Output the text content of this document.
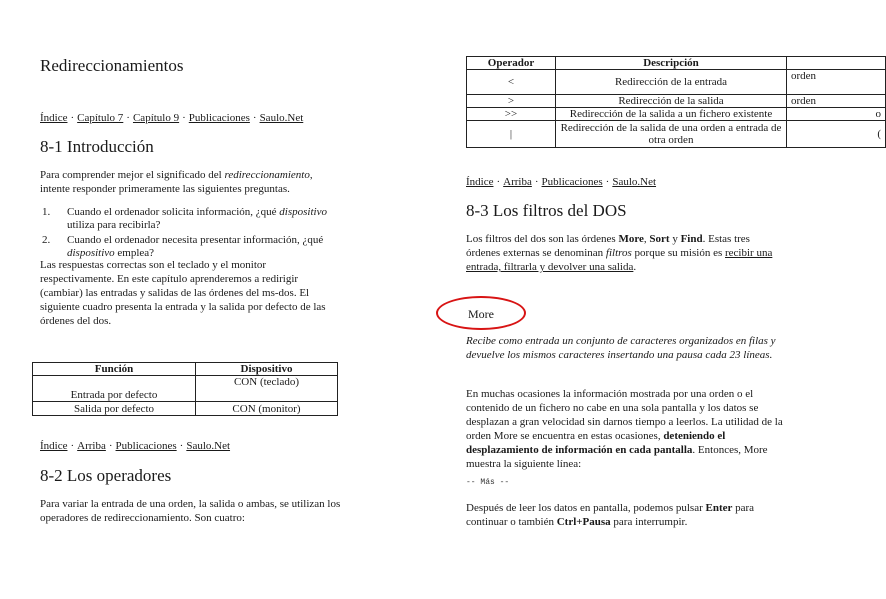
Redireccionamientos
Índice · Capítulo 7 · Capítulo 9 · Publicaciones · Saulo.Net
8-1 Introducción
Para comprender mejor el significado del redireccionamiento, intente responder primeramente las siguientes preguntas.
1. Cuando el ordenador solicita información, ¿qué dispositivo utiliza para recibirla?
2. Cuando el ordenador necesita presentar información, ¿qué dispositivo emplea?
Las respuestas correctas son el teclado y el monitor respectivamente. En este capítulo aprenderemos a redirigir (cambiar) las entradas y salidas de las órdenes del ms-dos. El siguiente cuadro presenta la entrada y la salida por defecto de las órdenes del dos.
Función	Dispositivo
Entrada por defecto	CON (teclado)
Salida por defecto	CON (monitor)
Índice · Arriba · Publicaciones · Saulo.Net
8-2 Los operadores
Para variar la entrada de una orden, la salida o ambas, se utilizan los operadores de redireccionamiento. Son cuatro:
Operador	Descripción	
<	Redirección de la entrada	orden
>	Redirección de la salida	orden
>>	Redirección de la salida a un fichero existente	o
|	Redirección de la salida de una orden a entrada de otra orden	(
Índice · Arriba · Publicaciones · Saulo.Net
8-3 Los filtros del DOS
Los filtros del dos son las órdenes More, Sort y Find. Estas tres órdenes externas se denominan filtros porque su misión es recibir una entrada, filtrarla y devolver una salida.
More
Recibe como entrada un conjunto de caracteres organizados en filas y devuelve los mismos caracteres insertando una pausa cada 23 líneas.
En muchas ocasiones la información mostrada por una orden o el contenido de un fichero no cabe en una sola pantalla y los datos se desplazan a gran velocidad sin darnos tiempo a leerlos. La utilidad de la orden More se encuentra en estas ocasiones, deteniendo el desplazamiento de información en cada pantalla. Entonces, More muestra la siguiente línea:
-- Más --
Después de leer los datos en pantalla, podemos pulsar Enter para continuar o también Ctrl+Pausa para interrumpir.
